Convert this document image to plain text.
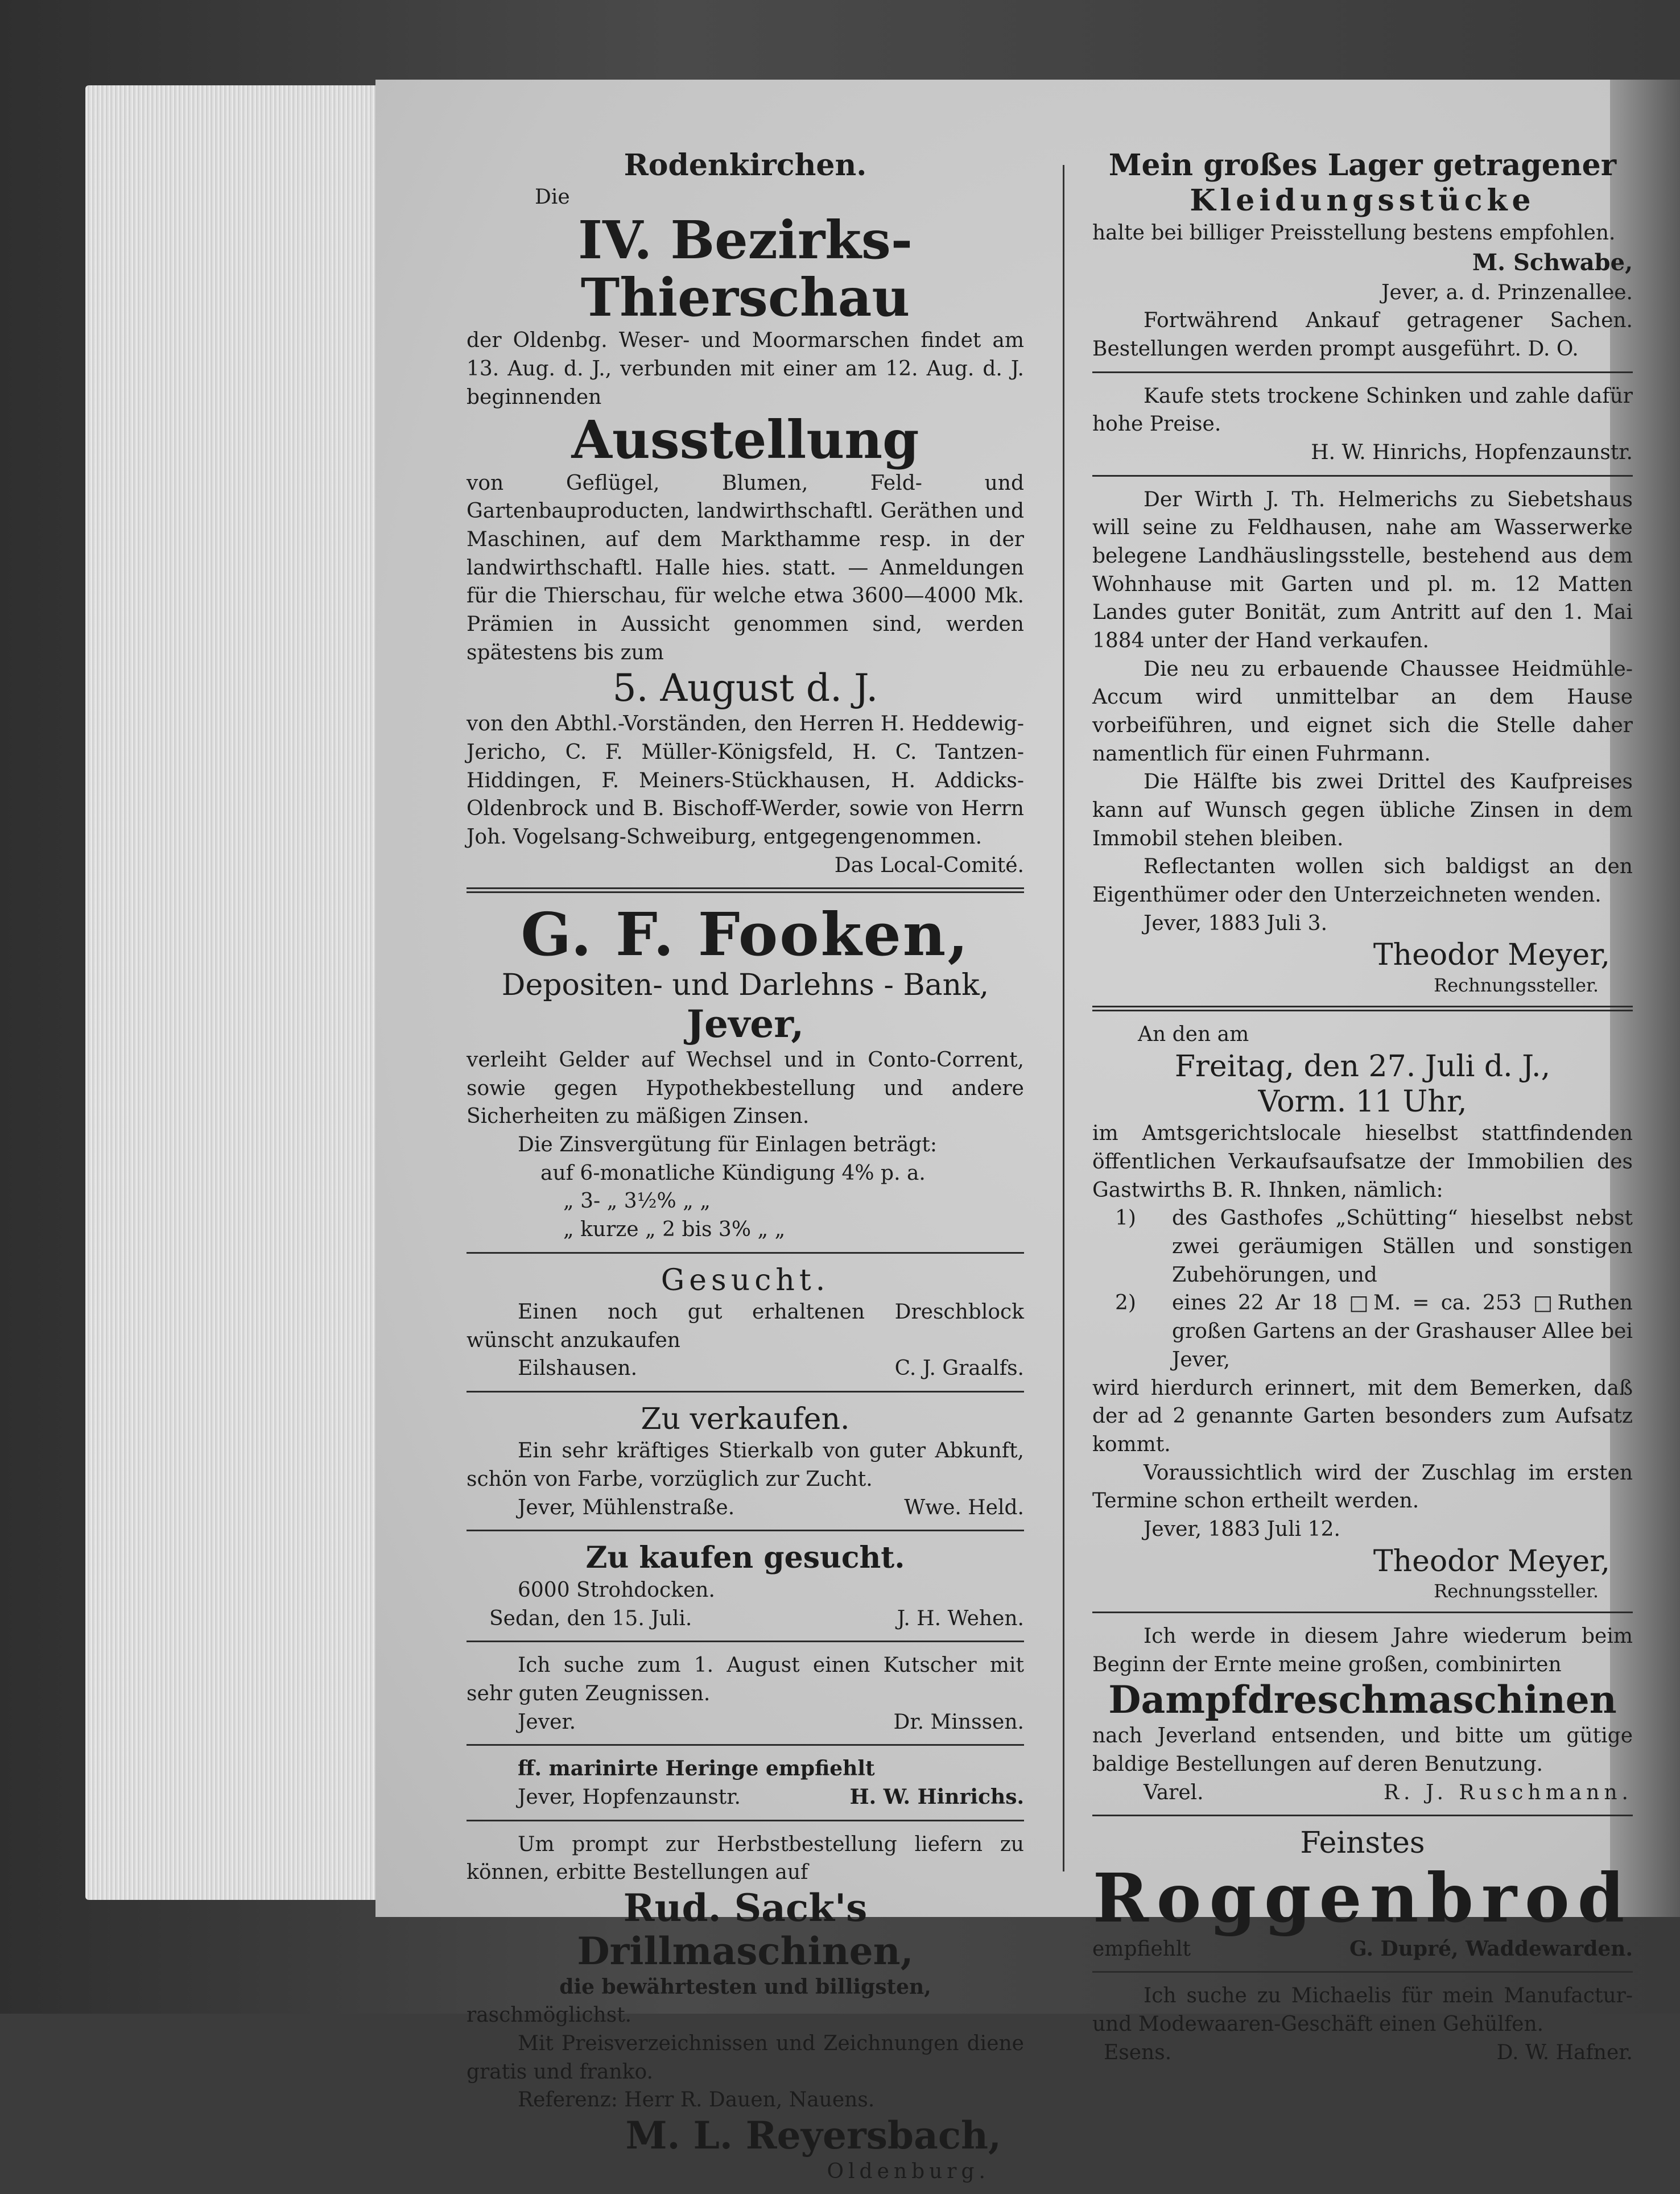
Rodenkirchen.
Die
IV. Bezirks-Thierschau
der Oldenbg. Weser- und Moormarschen findet am 13. Aug. d. J., verbunden mit einer am 12. Aug. d. J. beginnenden
Ausstellung
von Geflügel, Blumen, Feld- und Gartenbauproducten, landwirthschaftl. Geräthen und Maschinen, auf dem Markthamme resp. in der landwirthschaftl. Halle hies. statt. — Anmeldungen für die Thierschau, für welche etwa 3600—4000 Mk. Prämien in Aussicht genommen sind, werden spätestens bis zum
5. August d. J.
von den Abthl.-Vorständen, den Herren H. Heddewig-Jericho, C. F. Müller-Königsfeld, H. C. Tantzen-Hiddingen, F. Meiners-Stückhausen, H. Addicks-Oldenbrock und B. Bischoff-Werder, sowie von Herrn Joh. Vogelsang-Schweiburg, entgegengenommen.
Das Local-Comité.
G. F. Fooken,
Depositen- und Darlehns - Bank,
Jever,
verleiht Gelder auf Wechsel und in Conto-Corrent, sowie gegen Hypothekbestellung und andere Sicherheiten zu mäßigen Zinsen.
Die Zinsvergütung für Einlagen beträgt:
auf 6-monatliche Kündigung 4% p. a.
„ 3- „ 3½% „ „
„ kurze „ 2 bis 3% „ „
Gesucht.
Einen noch gut erhaltenen Dreschblock wünscht anzukaufen
Eilshausen.	C. J. Graalfs.
Zu verkaufen.
Ein sehr kräftiges Stierkalb von guter Abkunft, schön von Farbe, vorzüglich zur Zucht.
Jever, Mühlenstraße.	Wwe. Held.
Zu kaufen gesucht.
6000 Strohdocken.
Sedan, den 15. Juli.	J. H. Wehen.
Ich suche zum 1. August einen Kutscher mit sehr guten Zeugnissen.
Jever.	Dr. Minssen.
ff. marinirte Heringe empfiehlt
Jever, Hopfenzaunstr.	H. W. Hinrichs.
Um prompt zur Herbstbestellung liefern zu können, erbitte Bestellungen auf
Rud. Sack's Drillmaschinen,
die bewährtesten und billigsten,
raschmöglichst.
Mit Preisverzeichnissen und Zeichnungen diene gratis und franko.
Referenz: Herr R. Dauen, Nauens.
M. L. Reyersbach,
Oldenburg.
Mein großes Lager getragener
Kleidungsstücke
halte bei billiger Preisstellung bestens empfohlen.
M. Schwabe,
Jever, a. d. Prinzenallee.
Fortwährend Ankauf getragener Sachen. Bestellungen werden prompt ausgeführt. D. O.
Kaufe stets trockene Schinken und zahle dafür hohe Preise.
H. W. Hinrichs, Hopfenzaunstr.
Der Wirth J. Th. Helmerichs zu Siebetshaus will seine zu Feldhausen, nahe am Wasserwerke belegene Landhäuslingsstelle, bestehend aus dem Wohnhause mit Garten und pl. m. 12 Matten Landes guter Bonität, zum Antritt auf den 1. Mai 1884 unter der Hand verkaufen.
Die neu zu erbauende Chaussee Heidmühle-Accum wird unmittelbar an dem Hause vorbeiführen, und eignet sich die Stelle daher namentlich für einen Fuhrmann.
Die Hälfte bis zwei Drittel des Kaufpreises kann auf Wunsch gegen übliche Zinsen in dem Immobil stehen bleiben.
Reflectanten wollen sich baldigst an den Eigenthümer oder den Unterzeichneten wenden.
Jever, 1883 Juli 3.
Theodor Meyer,
Rechnungssteller.
An den am
Freitag, den 27. Juli d. J.,
Vorm. 11 Uhr,
im Amtsgerichtslocale hieselbst stattfindenden öffentlichen Verkaufsaufsatze der Immobilien des Gastwirths B. R. Ihnken, nämlich:
1)	des Gasthofes „Schütting“ hieselbst nebst zwei geräumigen Ställen und sonstigen Zubehörungen, und
2)	eines 22 Ar 18 □M. = ca. 253 □Ruthen großen Gartens an der Grashauser Allee bei Jever,
wird hierdurch erinnert, mit dem Bemerken, daß der ad 2 genannte Garten besonders zum Aufsatz kommt.
Voraussichtlich wird der Zuschlag im ersten Termine schon ertheilt werden.
Jever, 1883 Juli 12.
Theodor Meyer,
Rechnungssteller.
Ich werde in diesem Jahre wiederum beim Beginn der Ernte meine großen, combinirten
Dampfdreschmaschinen
nach Jeverland entsenden, und bitte um gütige baldige Bestellungen auf deren Benutzung.
Varel.	R. J. Ruschmann.
Feinstes
Roggenbrod
empfiehlt	G. Dupré, Waddewarden.
Ich suche zu Michaelis für mein Manufactur- und Modewaaren-Geschäft einen Gehülfen.
Esens.	D. W. Hafner.
